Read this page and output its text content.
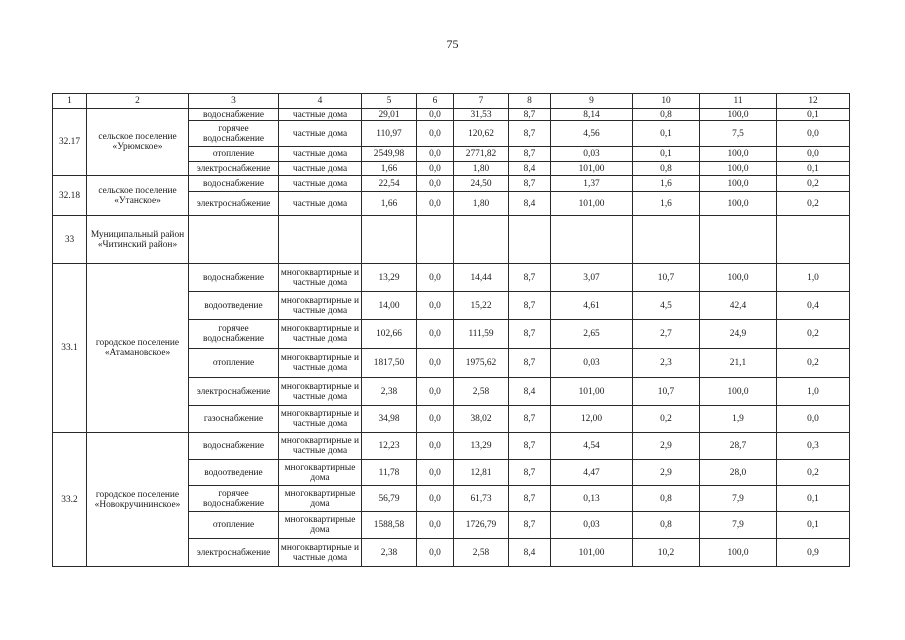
75
1	2	3	4	5	6	7	8	9	10	11	12
32.17	сельское поселение «Урюмское»	водоснабжение	частные дома	29,01	0,0	31,53	8,7	8,14	0,8	100,0	0,1
		горячее водоснабжение	частные дома	110,97	0,0	120,62	8,7	4,56	0,1	7,5	0,0
		отопление	частные дома	2549,98	0,0	2771,82	8,7	0,03	0,1	100,0	0,0
		электроснабжение	частные дома	1,66	0,0	1,80	8,4	101,00	0,8	100,0	0,1
32.18	сельское поселение «Утанское»	водоснабжение	частные дома	22,54	0,0	24,50	8,7	1,37	1,6	100,0	0,2
		электроснабжение	частные дома	1,66	0,0	1,80	8,4	101,00	1,6	100,0	0,2
33	Муниципальный район «Читинский район»										
33.1	городское поселение «Атамановское»	водоснабжение	многоквартирные и частные дома	13,29	0,0	14,44	8,7	3,07	10,7	100,0	1,0
		водоотведение	многоквартирные и частные дома	14,00	0,0	15,22	8,7	4,61	4,5	42,4	0,4
		горячее водоснабжение	многоквартирные и частные дома	102,66	0,0	111,59	8,7	2,65	2,7	24,9	0,2
		отопление	многоквартирные и частные дома	1817,50	0,0	1975,62	8,7	0,03	2,3	21,1	0,2
		электроснабжение	многоквартирные и частные дома	2,38	0,0	2,58	8,4	101,00	10,7	100,0	1,0
		газоснабжение	многоквартирные и частные дома	34,98	0,0	38,02	8,7	12,00	0,2	1,9	0,0
33.2	городское поселение «Новокручининское»	водоснабжение	многоквартирные и частные дома	12,23	0,0	13,29	8,7	4,54	2,9	28,7	0,3
		водоотведение	многоквартирные дома	11,78	0,0	12,81	8,7	4,47	2,9	28,0	0,2
		горячее водоснабжение	многоквартирные дома	56,79	0,0	61,73	8,7	0,13	0,8	7,9	0,1
		отопление	многоквартирные дома	1588,58	0,0	1726,79	8,7	0,03	0,8	7,9	0,1
		электроснабжение	многоквартирные и частные дома	2,38	0,0	2,58	8,4	101,00	10,2	100,0	0,9
